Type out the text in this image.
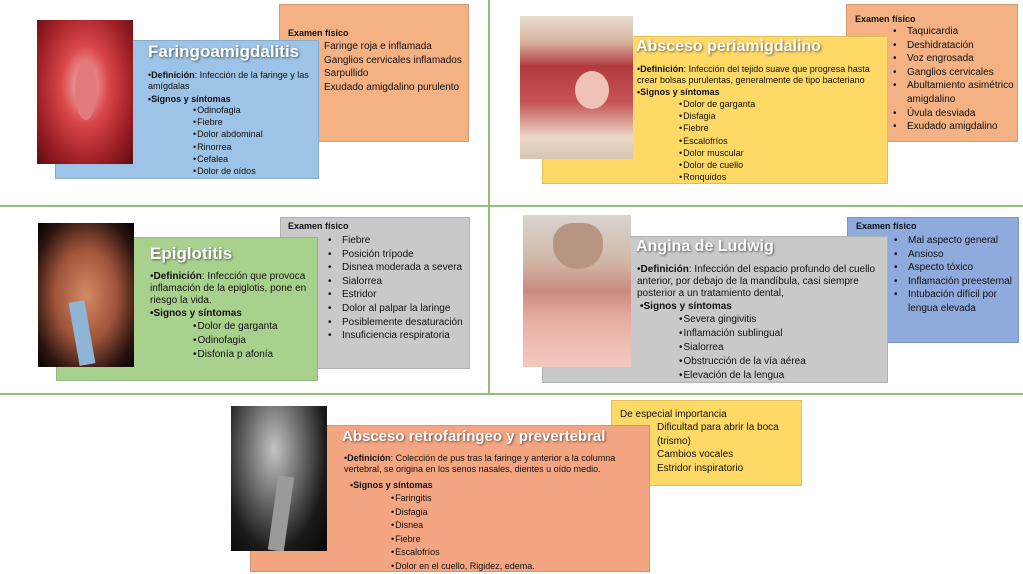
Examen físico
Faringe roja e inflamada
Ganglios cervicales inflamados
Sarpullido
Exudado amigdalino purulento
Faringoamigdalitis
•Definición: Infección de la faringe y las amígdalas
•Signos y síntomas
• Odinofagia
• Fiebre
• Dolor abdominal
• Rinorrea
• Cefalea
• Dolor de oídos
Examen físico
• Taquicardia
• Deshidratación
• Voz engrosada
• Ganglios cervicales
• Abultamiento asimétrico amigdalino
• Úvula desviada
• Exudado amigdalino
Absceso periamigdalino
•Definición: Infección del tejido suave que progresa hasta crear bolsas purulentas, generalmente de tipo bacteriano
•Signos y síntomas
• Dolor de garganta
• Disfagia
• Fiebre
• Escalofríos
• Dolor muscular
• Dolor de cuello
• Ronquidos
Examen físico
• Fiebre
• Posición trípode
• Disnea moderada a severa
• Sialorrea
• Estridor
• Dolor al palpar la laringe
• Posiblemente desaturación
• Insuficiencia respiratoria
Epiglotitis
•Definición: Infección que provoca inflamación de la epiglotis, pone en riesgo la vida.
•Signos y síntomas
• Dolor de garganta
• Odinofagia
• Disfonía p afonía
Examen físico
• Mal aspecto general
• Ansioso
• Aspecto tóxico
• Inflamación preesternal
• Intubación difícil por lengua elevada
Angina de Ludwig
•Definición: Infección del espacio profundo del cuello anterior, por debajo de la mandíbula, casi siempre posterior a un tratamiento dental,
•Signos y síntomas
• Severa gingivitis
• Inflamación sublingual
• Sialorrea
• Obstrucción de la vía aérea
• Elevación de la lengua
De especial importancia
Dificultad para abrir la boca (trismo)
Cambios vocales
Estridor inspiratorio
Absceso retrofaríngeo y prevertebral
•Definición: Colección de pus tras la faringe y anterior a la columna vertebral, se origina en los senos nasales, dientes u oído medio.
•Signos y síntomas
• Faringitis
• Disfagia
• Disnea
• Fiebre
• Escalofríos
• Dolor en el cuello, Rigidez, edema.
